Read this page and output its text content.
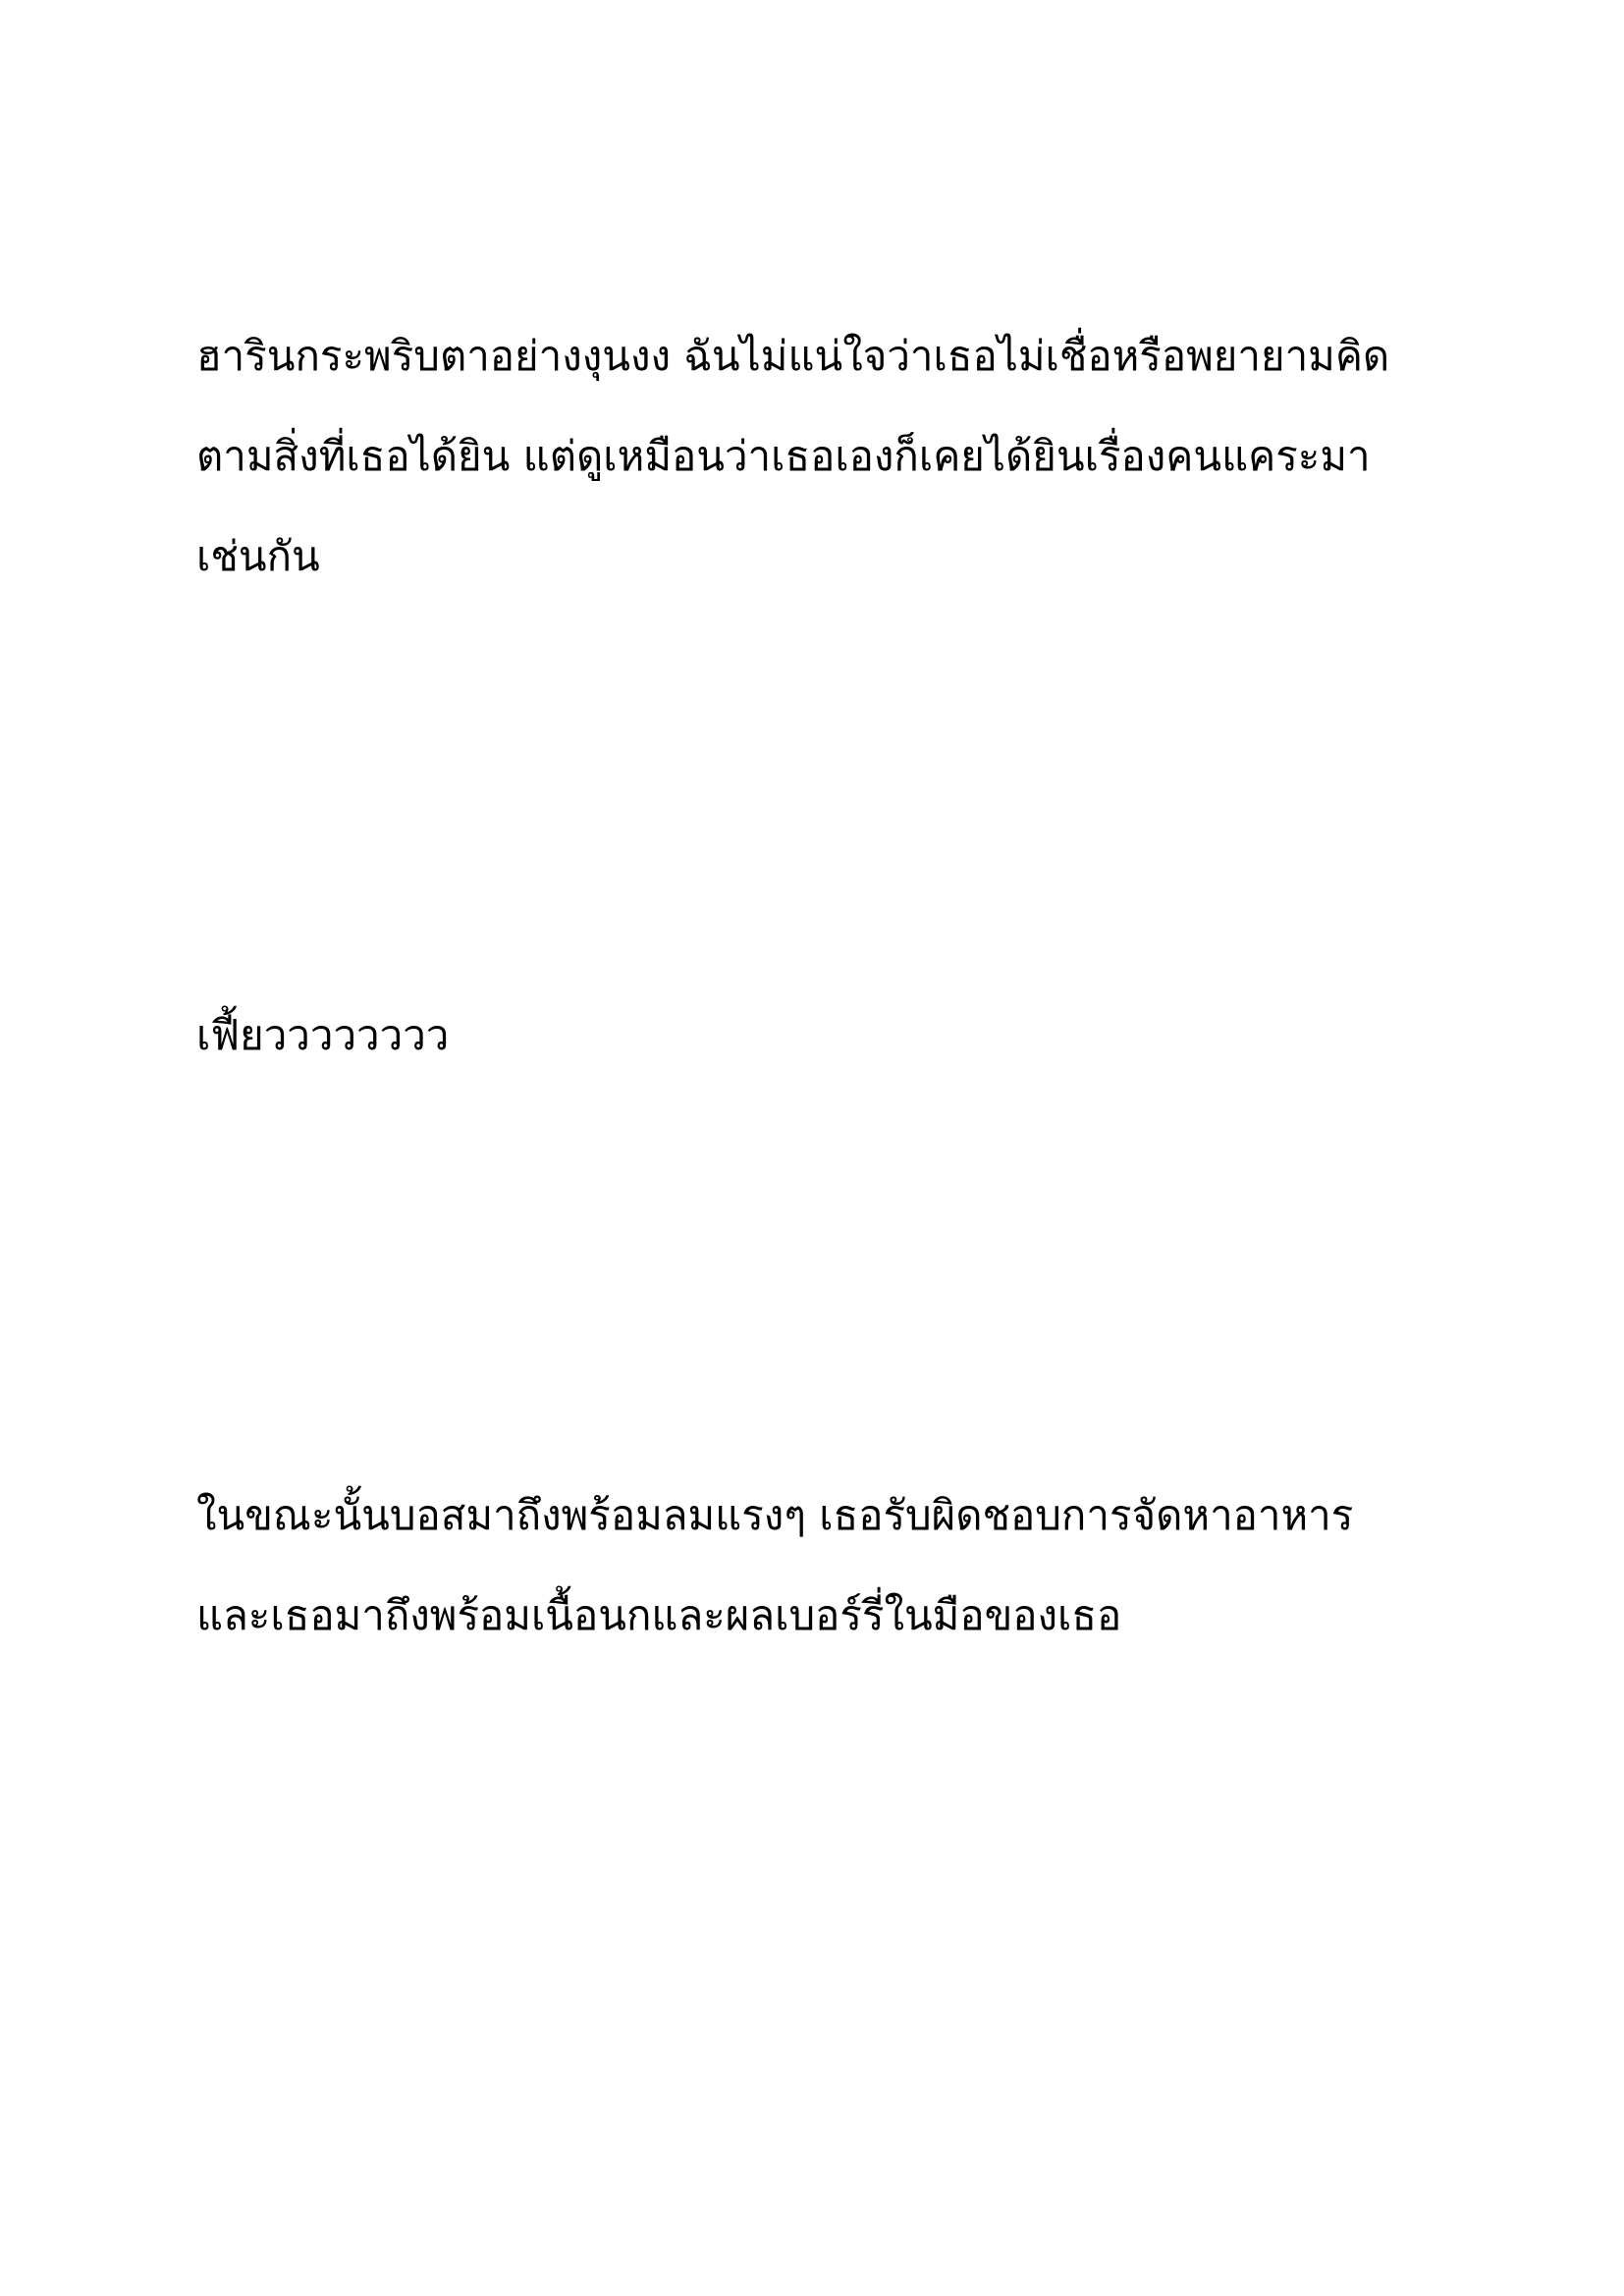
ฮารินกระพริบตาอย่างงุนงง ฉันไม่แน่ใจว่าเธอไม่เชื่อหรือพยายามคิด
ตามสิ่งที่เธอได้ยิน แต่ดูเหมือนว่าเธอเองก็เคยได้ยินเรื่องคนแคระมา
เช่นกัน
เฟี้ยวววววววว
ในขณะนั้นบอสมาถึงพร้อมลมแรงๆ เธอรับผิดชอบการจัดหาอาหาร
และเธอมาถึงพร้อมเนื้อนกและผลเบอร์รี่ในมือของเธอ
